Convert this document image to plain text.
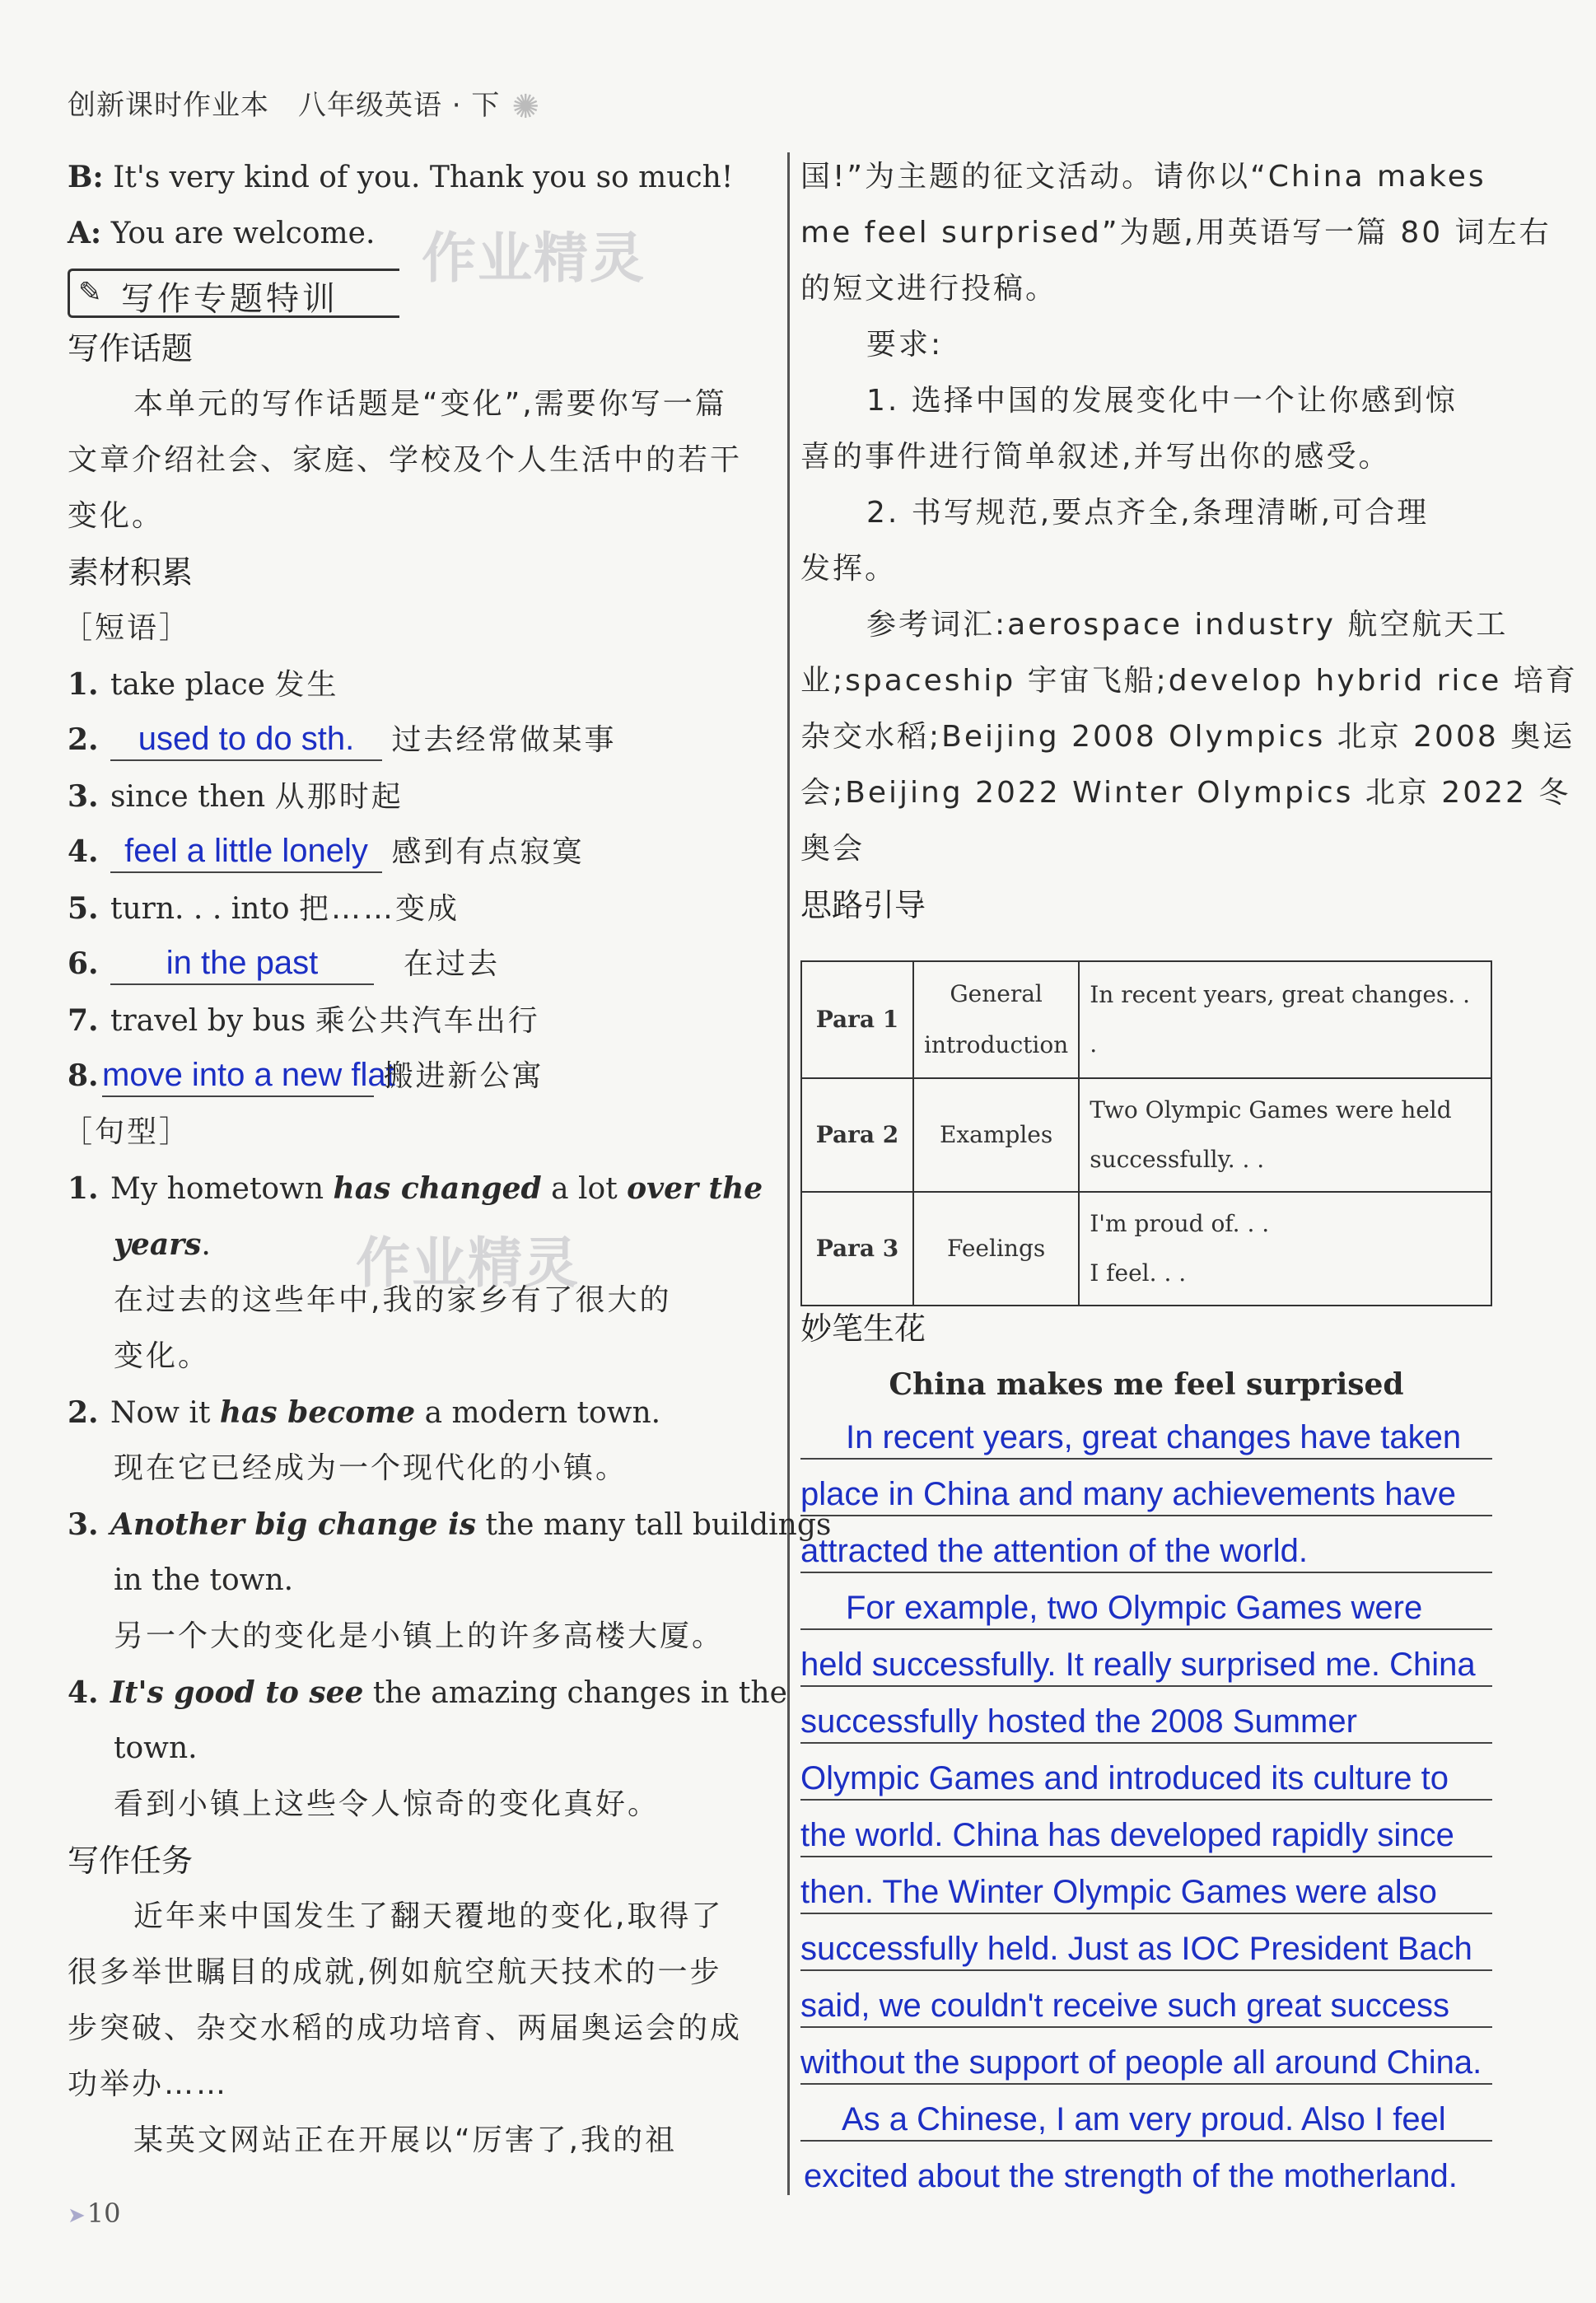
创新课时作业本　八年级英语 · 下 ✺
B: It's very kind of you. Thank you so much!
A: You are welcome. 作业精灵
✎ 写作专题特训
写作话题
本单元的写作话题是“变化”,需要你写一篇
文章介绍社会、家庭、学校及个人生活中的若干
变化。
素材积累
［短语］
1. take place 发生
2. used to do sth. 过去经常做某事
3. since then 从那时起
4. feel a little lonely 感到有点寂寞
5. turn. . . into 把……变成
6. in the past　	在过去
7. travel by bus 乘公共汽车出行
8. move into a new flat 搬进新公寓
［句型］
1. My hometown has changed a lot over the
years.
在过去的这些年中,我的家乡有了很大的
变化。
作业精灵
2. Now it has become a modern town.
现在它已经成为一个现代化的小镇。
3. Another big change is the many tall buildings
in the town.
另一个大的变化是小镇上的许多高楼大厦。
4. It's good to see the amazing changes in the
town.
看到小镇上这些令人惊奇的变化真好。
写作任务
近年来中国发生了翻天覆地的变化,取得了
很多举世瞩目的成就,例如航空航天技术的一步
步突破、杂交水稻的成功培育、两届奥运会的成
功举办……
某英文网站正在开展以“厉害了,我的祖
国!”为主题的征文活动。请你以“China makes
me feel surprised”为题,用英语写一篇 80 词左右
的短文进行投稿。
要求:
1. 选择中国的发展变化中一个让你感到惊
喜的事件进行简单叙述,并写出你的感受。
2. 书写规范,要点齐全,条理清晰,可合理
发挥。
参考词汇:aerospace industry 航空航天工
业;spaceship 宇宙飞船;develop hybrid rice 培育
杂交水稻;Beijing 2008 Olympics 北京 2008 奥运
会;Beijing 2022 Winter Olympics 北京 2022 冬
奥会
思路引导
Para 1	General
introduction	In recent years, great changes. . .
Para 2	Examples	Two Olympic Games were held
successfully. . .

Para 3	Feelings	I'm proud of. . .
I feel. . .
妙笔生花
China makes me feel surprised
In recent years, great changes have taken
place in China and many achievements have
attracted the attention of the world.
For example, two Olympic Games were
held successfully. It really surprised me. China
successfully hosted the 2008 Summer
Olympic Games and introduced its culture to
the world. China has developed rapidly since
then. The Winter Olympic Games were also
successfully held. Just as IOC President Bach
said, we couldn't receive such great success
without the support of people all around China.
As a Chinese, I am very proud. Also I feel
excited about the strength of the motherland.
➤10
